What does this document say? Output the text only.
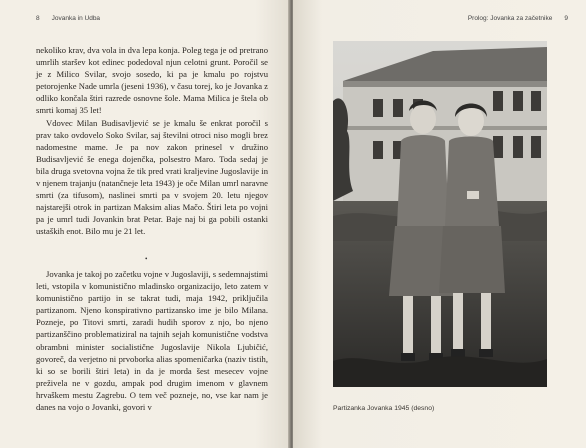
8 Jovanka in Udba

nekoliko krav, dva vola in dva lepa konja. Poleg tega je od pretrano umrlih staršev kot edinec podedoval njun celotni grunt. Poročil se je z Milico Svilar, svojo sosedo, ki pa je kmalu po rojstvu petorojenke Nade umrla (jeseni 1936), v času torej, ko je Jovanka z odliko končala štiri razrede osnovne šole. Mama Milica je štela ob smrti komaj 35 let!

Vdovec Milan Budisavljević se je kmalu še enkrat poročil s prav tako ovdovelo Soko Svilar, saj številni otroci niso mogli brez nadomestne mame. Je pa nov zakon prinesel v družino Budisavljević še enega dojenčka, polsestro Maro. Toda sedaj je bila druga svetovna vojna že tik pred vrati kraljevine Jugoslavije in v njenem trajanju (natančneje leta 1943) je oče Milan umrl naravne smrti (za tifusom), naslinei smrti pa v svojem 20. letu njegov najstarejši otrok in partizan Maksim alias Mačo. Štiri leta po vojni pa je umrl tudi Jovankin brat Petar. Baje naj bi ga pobili ostanki ustaških enot. Bilo mu je 21 let.

•

Jovanka je takoj po začetku vojne v Jugoslaviji, s sedemnajstimi leti, vstopila v komunistično mladinsko organizacijo, leto zatem v komunistično partijo in se takrat tudi, maja 1942, priključila partizanom. Njeno konspirativno partizansko ime je bilo Milana. Pozneje, po Titovi smrti, zaradi hudih sporov z njo, bo njeno partizanščino problematiziral na tajnih sejah komunistične vodstva obrambni minister socialistične Jugoslavije Nikola Ljubičić, govoreč, da verjetno ni prvoborka alias spomeničarka (naziv tistih, ki so se borili štiri leta) in da je morda šest mesecev vojne preživela ne v gozdu, ampak pod drugim imenom v glavnem hrvaškem mestu Zagrebu. O tem več pozneje, no, vse kar nam je danes na vojo o Jovanki, govori v

Prolog: Jovanka za začetnike 9
Partizanka Jovanka 1945 (desno)
